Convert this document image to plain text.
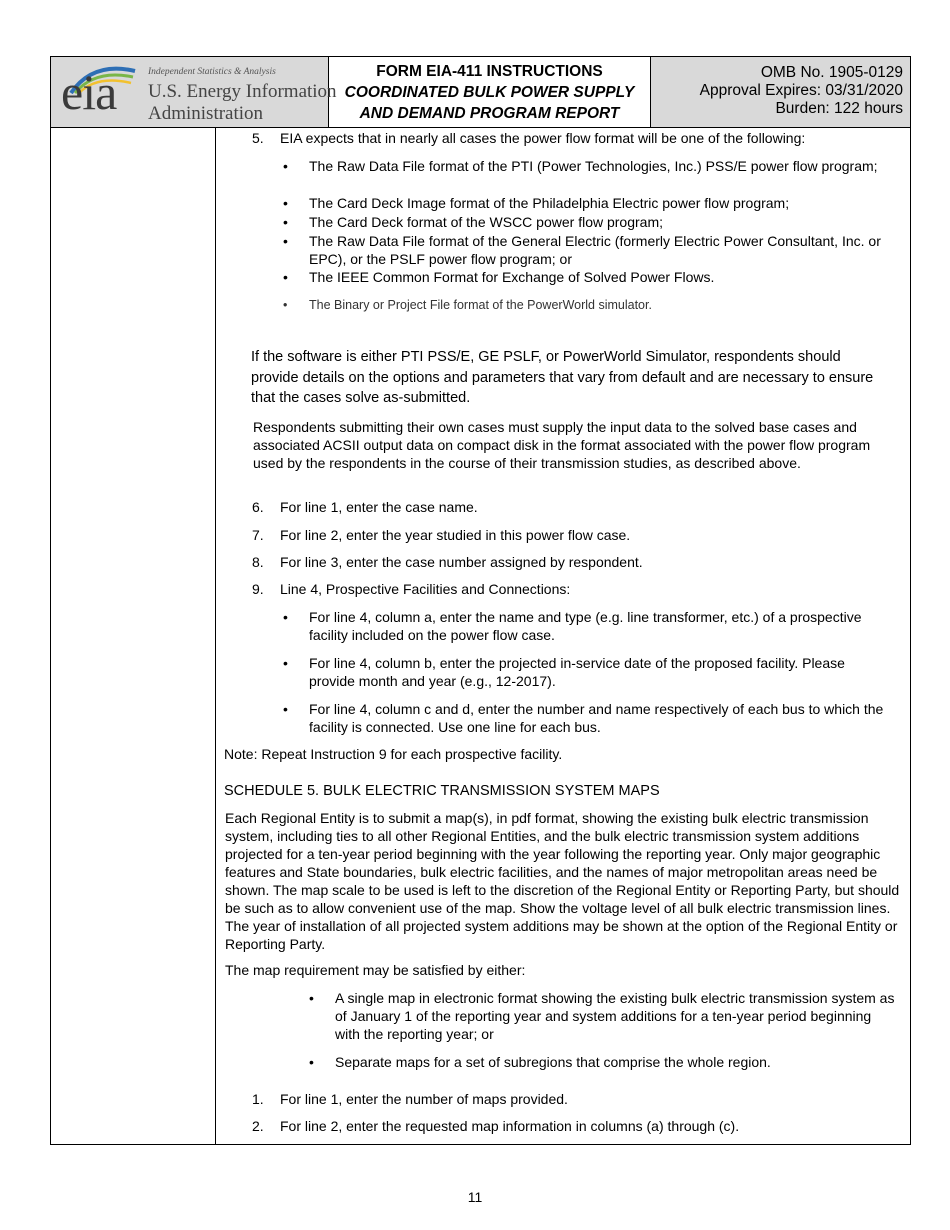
eia	Independent Statistics & Analysis
U.S. Energy Information
Administration
FORM EIA-411 INSTRUCTIONS
COORDINATED BULK POWER SUPPLY
AND DEMAND PROGRAM REPORT
OMB No. 1905-0129
Approval Expires: 03/31/2020
Burden: 122 hours
5. EIA expects that in nearly all cases the power flow format will be one of the following:
• The Raw Data File format of the PTI (Power Technologies, Inc.) PSS/E power flow program;
• The Card Deck Image format of the Philadelphia Electric power flow program;
• The Card Deck format of the WSCC power flow program;
• The Raw Data File format of the General Electric (formerly Electric Power Consultant, Inc. or EPC), or the PSLF power flow program; or
• The IEEE Common Format for Exchange of Solved Power Flows.
• The Binary or Project File format of the PowerWorld simulator.
If the software is either PTI PSS/E, GE PSLF, or PowerWorld Simulator, respondents should provide details on the options and parameters that vary from default and are necessary to ensure that the cases solve as-submitted.
Respondents submitting their own cases must supply the input data to the solved base cases and associated ACSII output data on compact disk in the format associated with the power flow program used by the respondents in the course of their transmission studies, as described above.
6. For line 1, enter the case name.
7. For line 2, enter the year studied in this power flow case.
8. For line 3, enter the case number assigned by respondent.
9. Line 4, Prospective Facilities and Connections:
• For line 4, column a, enter the name and type (e.g. line transformer, etc.) of a prospective facility included on the power flow case.
• For line 4, column b, enter the projected in-service date of the proposed facility. Please provide month and year (e.g., 12-2017).
• For line 4, column c and d, enter the number and name respectively of each bus to which the facility is connected. Use one line for each bus.
Note: Repeat Instruction 9 for each prospective facility.
SCHEDULE 5. BULK ELECTRIC TRANSMISSION SYSTEM MAPS
Each Regional Entity is to submit a map(s), in pdf format, showing the existing bulk electric transmission system, including ties to all other Regional Entities, and the bulk electric transmission system additions projected for a ten-year period beginning with the year following the reporting year. Only major geographic features and State boundaries, bulk electric facilities, and the names of major metropolitan areas need be shown. The map scale to be used is left to the discretion of the Regional Entity or Reporting Party, but should be such as to allow convenient use of the map. Show the voltage level of all bulk electric transmission lines. The year of installation of all projected system additions may be shown at the option of the Regional Entity or Reporting Party.
The map requirement may be satisfied by either:
• A single map in electronic format showing the existing bulk electric transmission system as of January 1 of the reporting year and system additions for a ten-year period beginning with the reporting year; or
• Separate maps for a set of subregions that comprise the whole region.
1. For line 1, enter the number of maps provided.
2. For line 2, enter the requested map information in columns (a) through (c).
11
